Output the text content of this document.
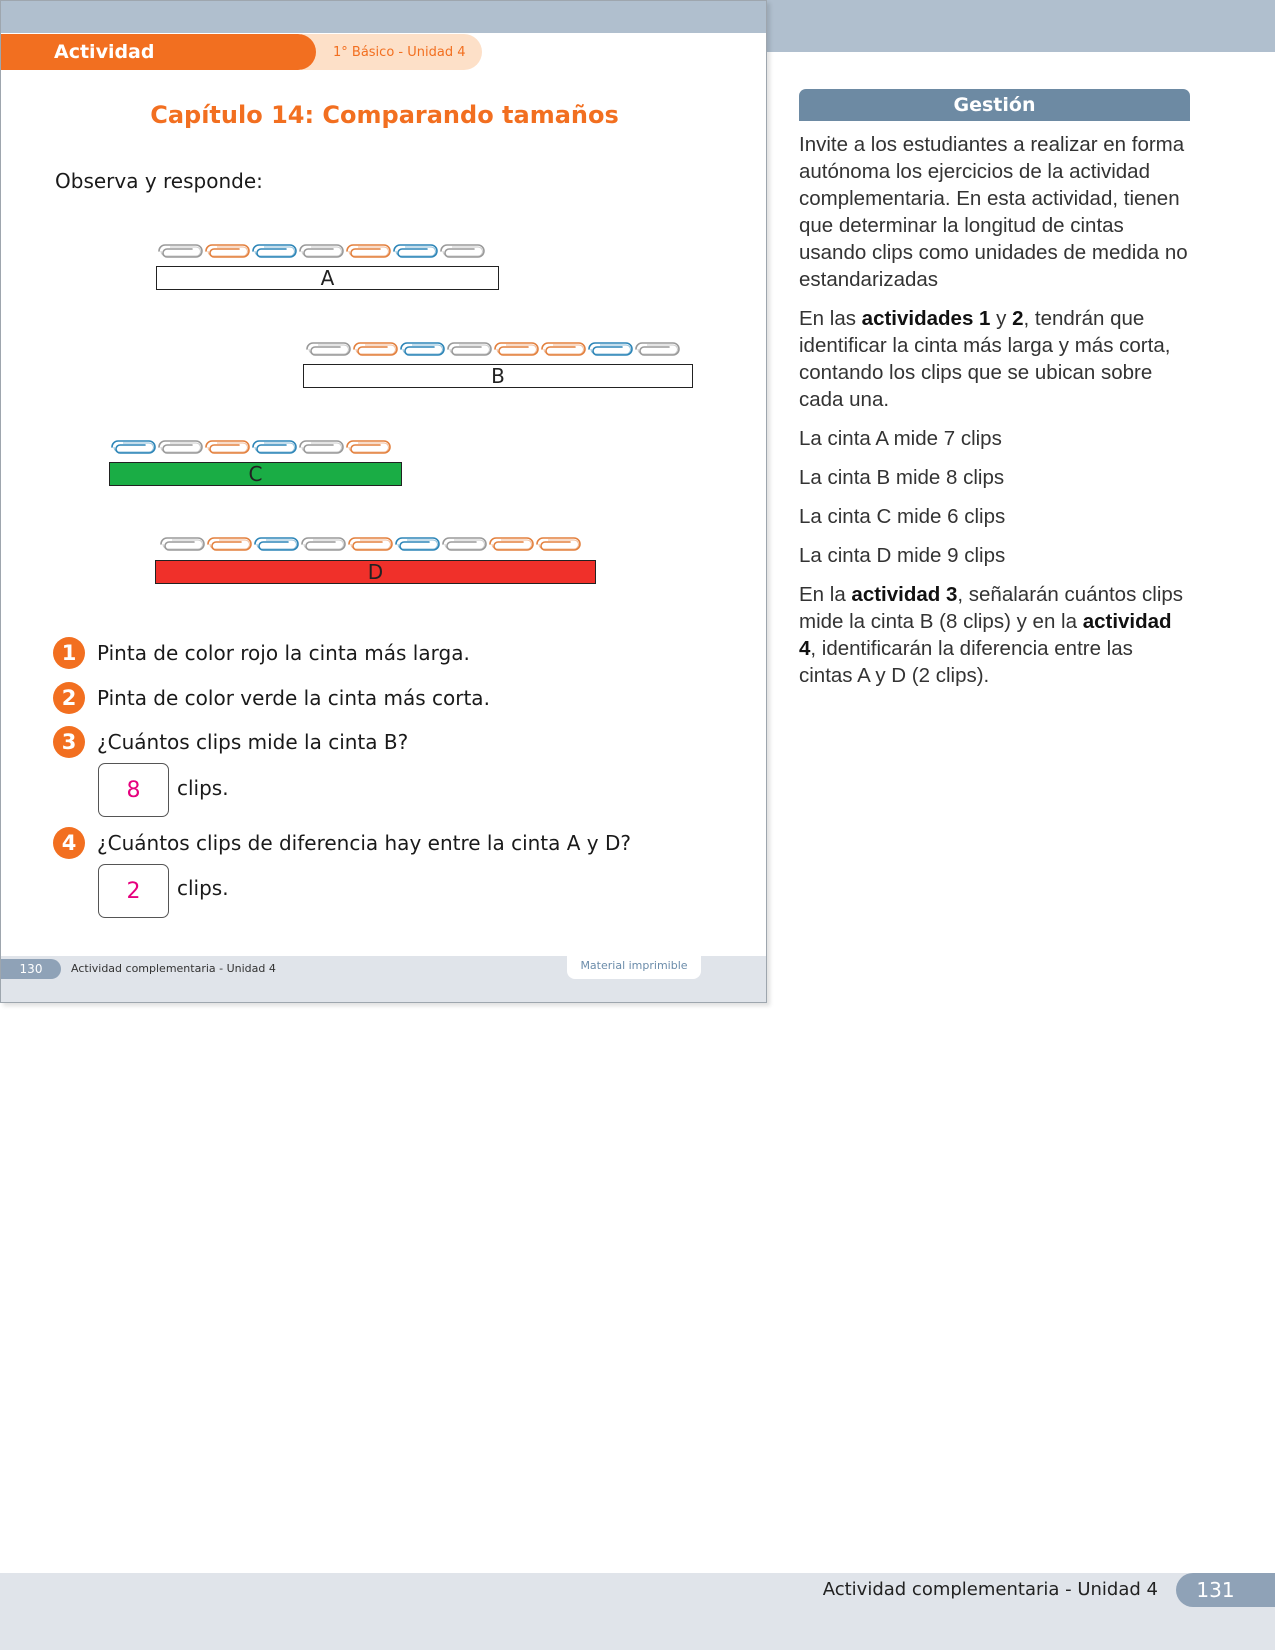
1° Básico - Unidad 4
Actividad complementaria
Capítulo 14: Comparando tamaños
Observa y responde:
A
B
C
D
1	Pinta de color rojo la cinta más larga.
2	Pinta de color verde la cinta más corta.
3	¿Cuántos clips mide la cinta B?
8	clips.
4	¿Cuántos clips de diferencia hay entre la cinta A y D?
2	clips.
130	Actividad complementaria - Unidad 4	Material imprimible
Gestión

Invite a los estudiantes a realizar en forma autónoma los ejercicios de la actividad complementaria. En esta actividad, tienen que determinar la longitud de cintas usando clips como unidades de medida no estandarizadas

En las actividades 1 y 2, tendrán que identificar la cinta más larga y más corta, contando los clips que se ubican sobre cada una.

La cinta A mide 7 clips

La cinta B mide 8 clips

La cinta C mide 6 clips

La cinta D mide 9 clips

En la actividad 3, señalarán cuántos clips mide la cinta B (8 clips) y en la actividad 4, identificarán la diferencia entre las cintas A y D (2 clips).

Actividad complementaria - Unidad 4	131
